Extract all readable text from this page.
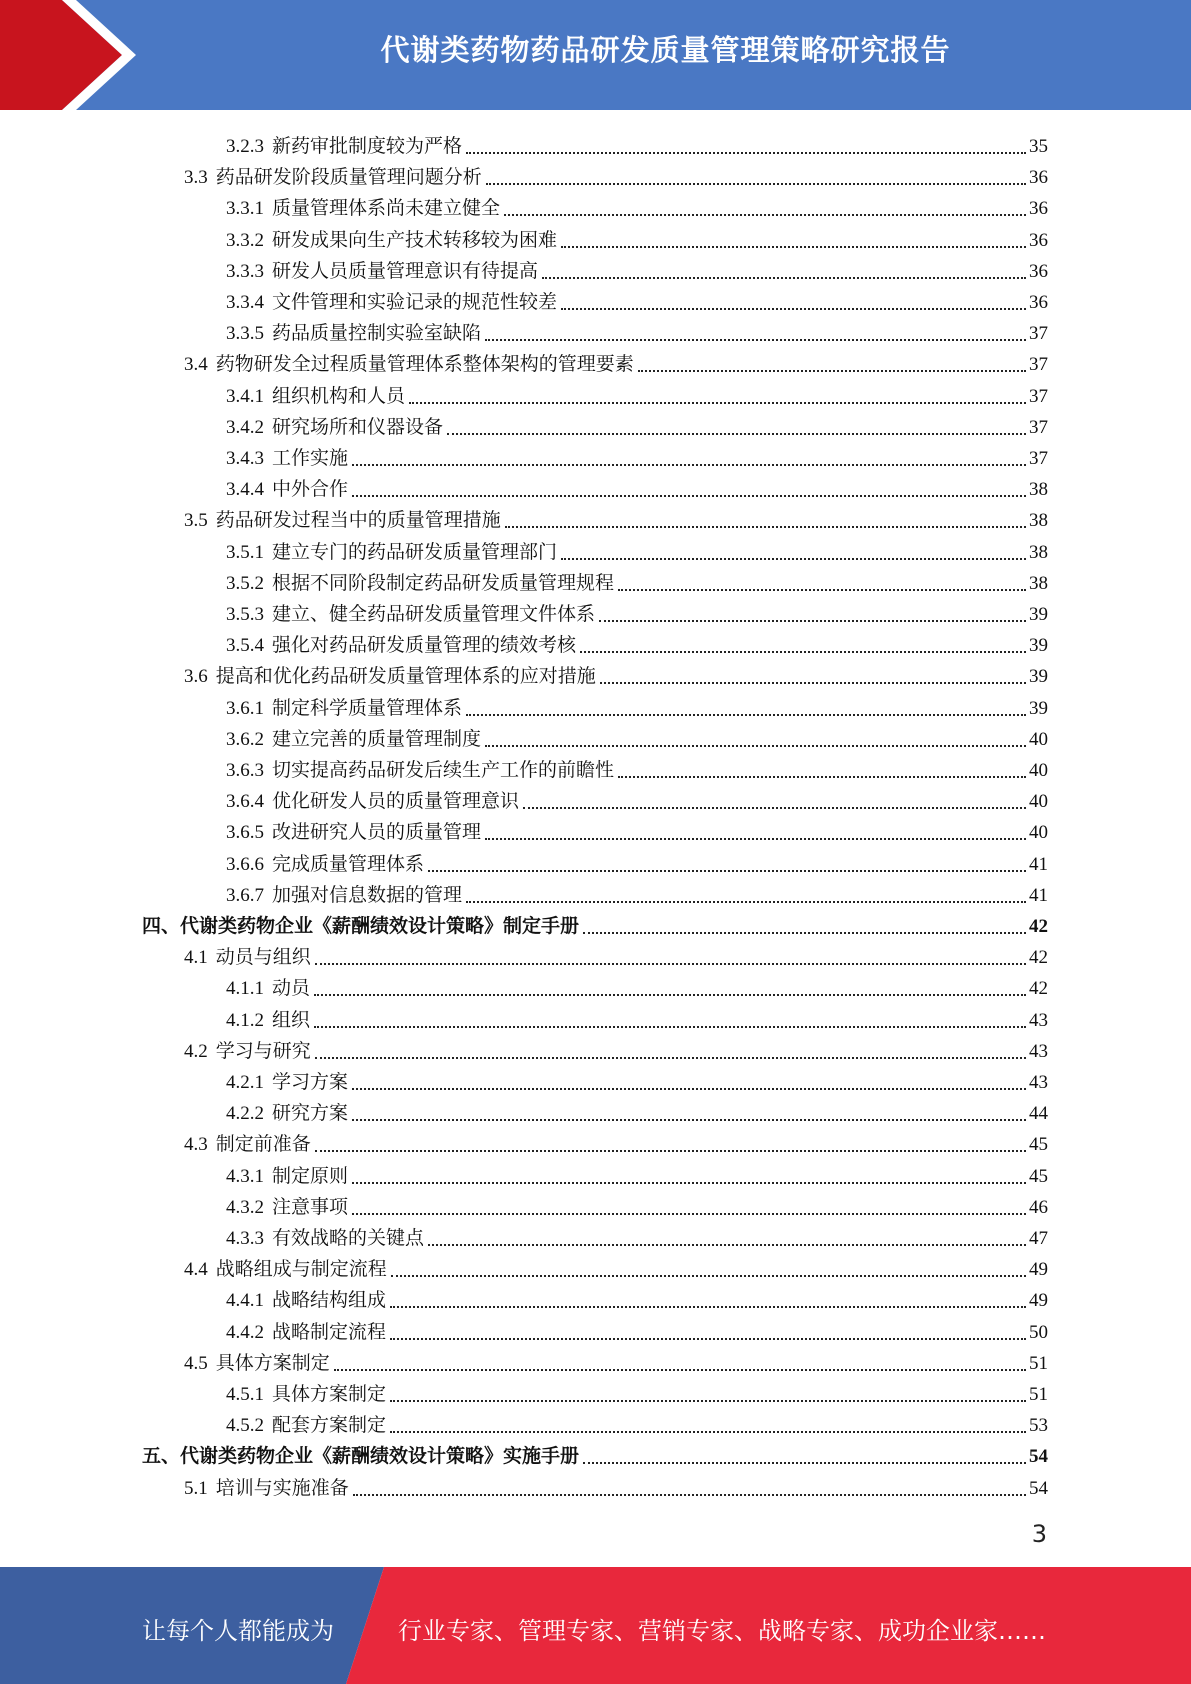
代谢类药物药品研发质量管理策略研究报告
3.2.3 新药审批制度较为严格	35
3.3 药品研发阶段质量管理问题分析	36
3.3.1 质量管理体系尚未建立健全	36
3.3.2 研发成果向生产技术转移较为困难	36
3.3.3 研发人员质量管理意识有待提高	36
3.3.4 文件管理和实验记录的规范性较差	36
3.3.5 药品质量控制实验室缺陷	37
3.4 药物研发全过程质量管理体系整体架构的管理要素	37
3.4.1 组织机构和人员	37
3.4.2 研究场所和仪器设备	37
3.4.3 工作实施	37
3.4.4 中外合作	38
3.5 药品研发过程当中的质量管理措施	38
3.5.1 建立专门的药品研发质量管理部门	38
3.5.2 根据不同阶段制定药品研发质量管理规程	38
3.5.3 建立、健全药品研发质量管理文件体系	39
3.5.4 强化对药品研发质量管理的绩效考核	39
3.6 提高和优化药品研发质量管理体系的应对措施	39
3.6.1 制定科学质量管理体系	39
3.6.2 建立完善的质量管理制度	40
3.6.3 切实提高药品研发后续生产工作的前瞻性	40
3.6.4 优化研发人员的质量管理意识	40
3.6.5 改进研究人员的质量管理	40
3.6.6 完成质量管理体系	41
3.6.7 加强对信息数据的管理	41
四、代谢类药物企业《薪酬绩效设计策略》制定手册	42
4.1 动员与组织	42
4.1.1 动员	42
4.1.2 组织	43
4.2 学习与研究	43
4.2.1 学习方案	43
4.2.2 研究方案	44
4.3 制定前准备	45
4.3.1 制定原则	45
4.3.2 注意事项	46
4.3.3 有效战略的关键点	47
4.4 战略组成与制定流程	49
4.4.1 战略结构组成	49
4.4.2 战略制定流程	50
4.5 具体方案制定	51
4.5.1 具体方案制定	51
4.5.2 配套方案制定	53
五、代谢类药物企业《薪酬绩效设计策略》实施手册	54
5.1 培训与实施准备	54
3
让每个人都能成为	行业专家、管理专家、营销专家、战略专家、成功企业家……
